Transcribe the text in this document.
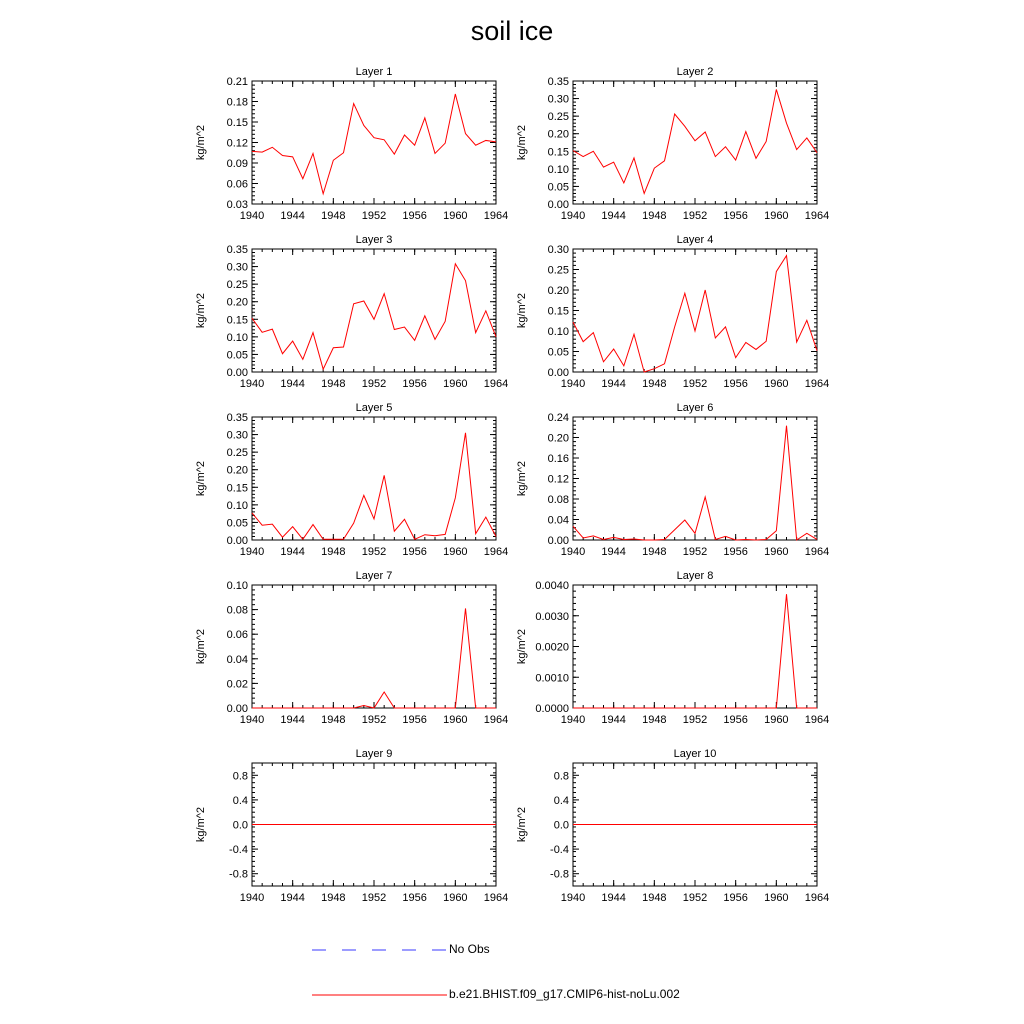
soil ice
Layer 1
kg/m^2
1940 1944 1948 1952 1956 1960 1964
0.03
0.06
0.09
0.12
0.15
0.18
0.21
Layer 2
kg/m^2
1940 1944 1948 1952 1956 1960 1964
0.00
0.05
0.10
0.15
0.20
0.25
0.30
0.35
Layer 3
kg/m^2
1940 1944 1948 1952 1956 1960 1964
0.00
0.05
0.10
0.15
0.20
0.25
0.30
0.35
Layer 4
kg/m^2
1940 1944 1948 1952 1956 1960 1964
0.00
0.05
0.10
0.15
0.20
0.25
0.30
Layer 5
kg/m^2
1940 1944 1948 1952 1956 1960 1964
0.00
0.05
0.10
0.15
0.20
0.25
0.30
0.35
Layer 6
kg/m^2
1940 1944 1948 1952 1956 1960 1964
0.00
0.04
0.08
0.12
0.16
0.20
0.24
Layer 7
kg/m^2
1940 1944 1948 1952 1956 1960 1964
0.00
0.02
0.04
0.06
0.08
0.10
Layer 8
kg/m^2
1940 1944 1948 1952 1956 1960 1964
0.0000
0.0010
0.0020
0.0030
0.0040
Layer 9
kg/m^2
1940 1944 1948 1952 1956 1960 1964
-0.8
-0.4
0.0
0.4
0.8
Layer 10
kg/m^2
1940 1944 1948 1952 1956 1960 1964
-0.8
-0.4
0.0
0.4
0.8
No Obs
b.e21.BHIST.f09_g17.CMIP6-hist-noLu.002
